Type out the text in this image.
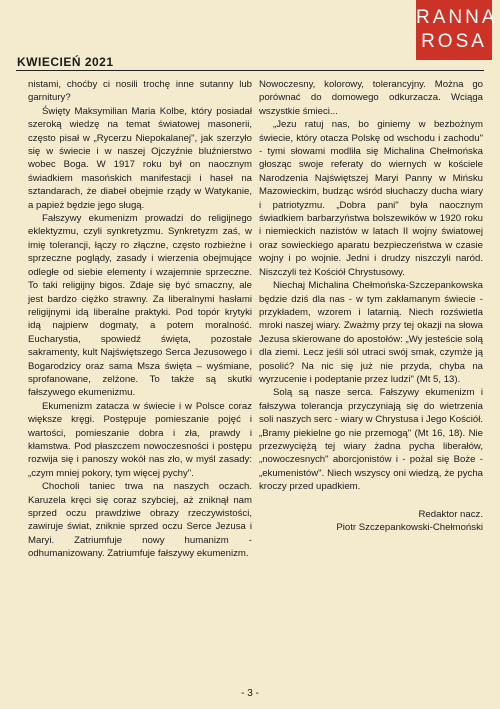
RANNA
ROSA
KWIECIEŃ 2021

nistami, choćby ci nosili trochę inne sutanny lub garnitury?

Święty Maksymilian Maria Kolbe, który posiadał szeroką wiedzę na temat światowej masonerii, często pisał w „Rycerzu Niepokalanej", jak szerzyło się w świecie i w naszej Ojczyźnie bluźnierstwo wobec Boga. W 1917 roku był on naocznym świadkiem masońskich manifestacji i haseł na sztandarach, że diabeł obejmie rządy w Watykanie, a papież będzie jego sługą.

Fałszywy ekumenizm prowadzi do religijnego eklektyzmu, czyli synkretyzmu. Synkretyzm zaś, w imię tolerancji, łączy ro złączne, często rozbieżne i sprzeczne poglądy, zasady i wierzenia obejmujące odległe od siebie elementy i wzajemnie sprzeczne. To taki religijny bigos. Zdaje się być smaczny, ale jest bardzo ciężko strawny. Za liberalnymi hasłami religijnymi idą liberalne praktyki. Pod topór krytyki idą najpierw dogmaty, a potem moralność. Eucharystia, spowiedź święta, pozostałe sakramenty, kult Najświętszego Serca Jezusowego i Bogarodzicy oraz sama Msza święta – wyśmiane, sprofanowane, zelżone. To także są skutki fałszywego ekumenizmu.

Ekumenizm zatacza w świecie i w Polsce coraz większe kręgi. Postępuje pomieszanie pojęć i wartości, pomieszanie dobra i zła, prawdy i kłamstwa. Pod płaszczem nowoczesności i postępu rozwija się i panoszy wokół nas zło, w myśl zasady: „czym mniej pokory, tym więcej pychy".

Chocholi taniec trwa na naszych oczach. Karuzela kręci się coraz szybciej, aż zniknął nam sprzed oczu prawdziwe obrazy rzeczywistości, zawiruje świat, zniknie sprzed oczu Serce Jezusa i Maryi. Zatriumfuje nowy humanizm - odhumanizowany. Zatriumfuje fałszywy ekumenizm.

Nowoczesny, kolorowy, tolerancyjny. Można go porównać do domowego odkurzacza. Wciąga wszystkie śmieci...

„Jezu ratuj nas, bo giniemy w bezbożnym świecie, który otacza Polskę od wschodu i zachodu" - tymi słowami modliła się Michalina Chełmońska głosząc swoje referaty do wiernych w kościele Narodzenia Najświętszej Maryi Panny w Mińsku Mazowieckim, budząc wśród słuchaczy ducha wiary i patriotyzmu. „Dobra pani" była naocznym świadkiem barbarzyństwa bolszewików w 1920 roku i niemieckich nazistów w latach II wojny światowej oraz sowieckiego aparatu bezpieczeństwa w czasie wojny i po wojnie. Jedni i drudzy niszczyli naród. Niszczyli też Kościół Chrystusowy.

Niechaj Michalina Chełmońska-Szczepankowska będzie dziś dla nas - w tym zakłamanym świecie - przykładem, wzorem i latarnią. Niech rozświetla mroki naszej wiary. Zważmy przy tej okazji na słowa Jezusa skierowane do apostołów: „Wy jesteście solą dla ziemi. Lecz jeśli sól utraci swój smak, czymże ją posolić? Na nic się już nie przyda, chyba na wyrzucenie i podeptanie przez ludzi" (Mt 5, 13).

Solą są nasze serca. Fałszywy ekumenizm i fałszywa tolerancja przyczyniają się do wietrzenia soli naszych serc - wiary w Chrystusa i Jego Kościół. „Bramy piekielne go nie przemogą" (Mt 16, 18). Nie przezwyciężą tej wiary żadna pycha liberałów, „nowoczesnych" aborcjonistów i - pożal się Boże - „ekumenistów". Niech wszyscy oni wiedzą, że pycha kroczy przed upadkiem.

Redaktor nacz.

Piotr Szczepankowski-Chełmoński

- 3 -
